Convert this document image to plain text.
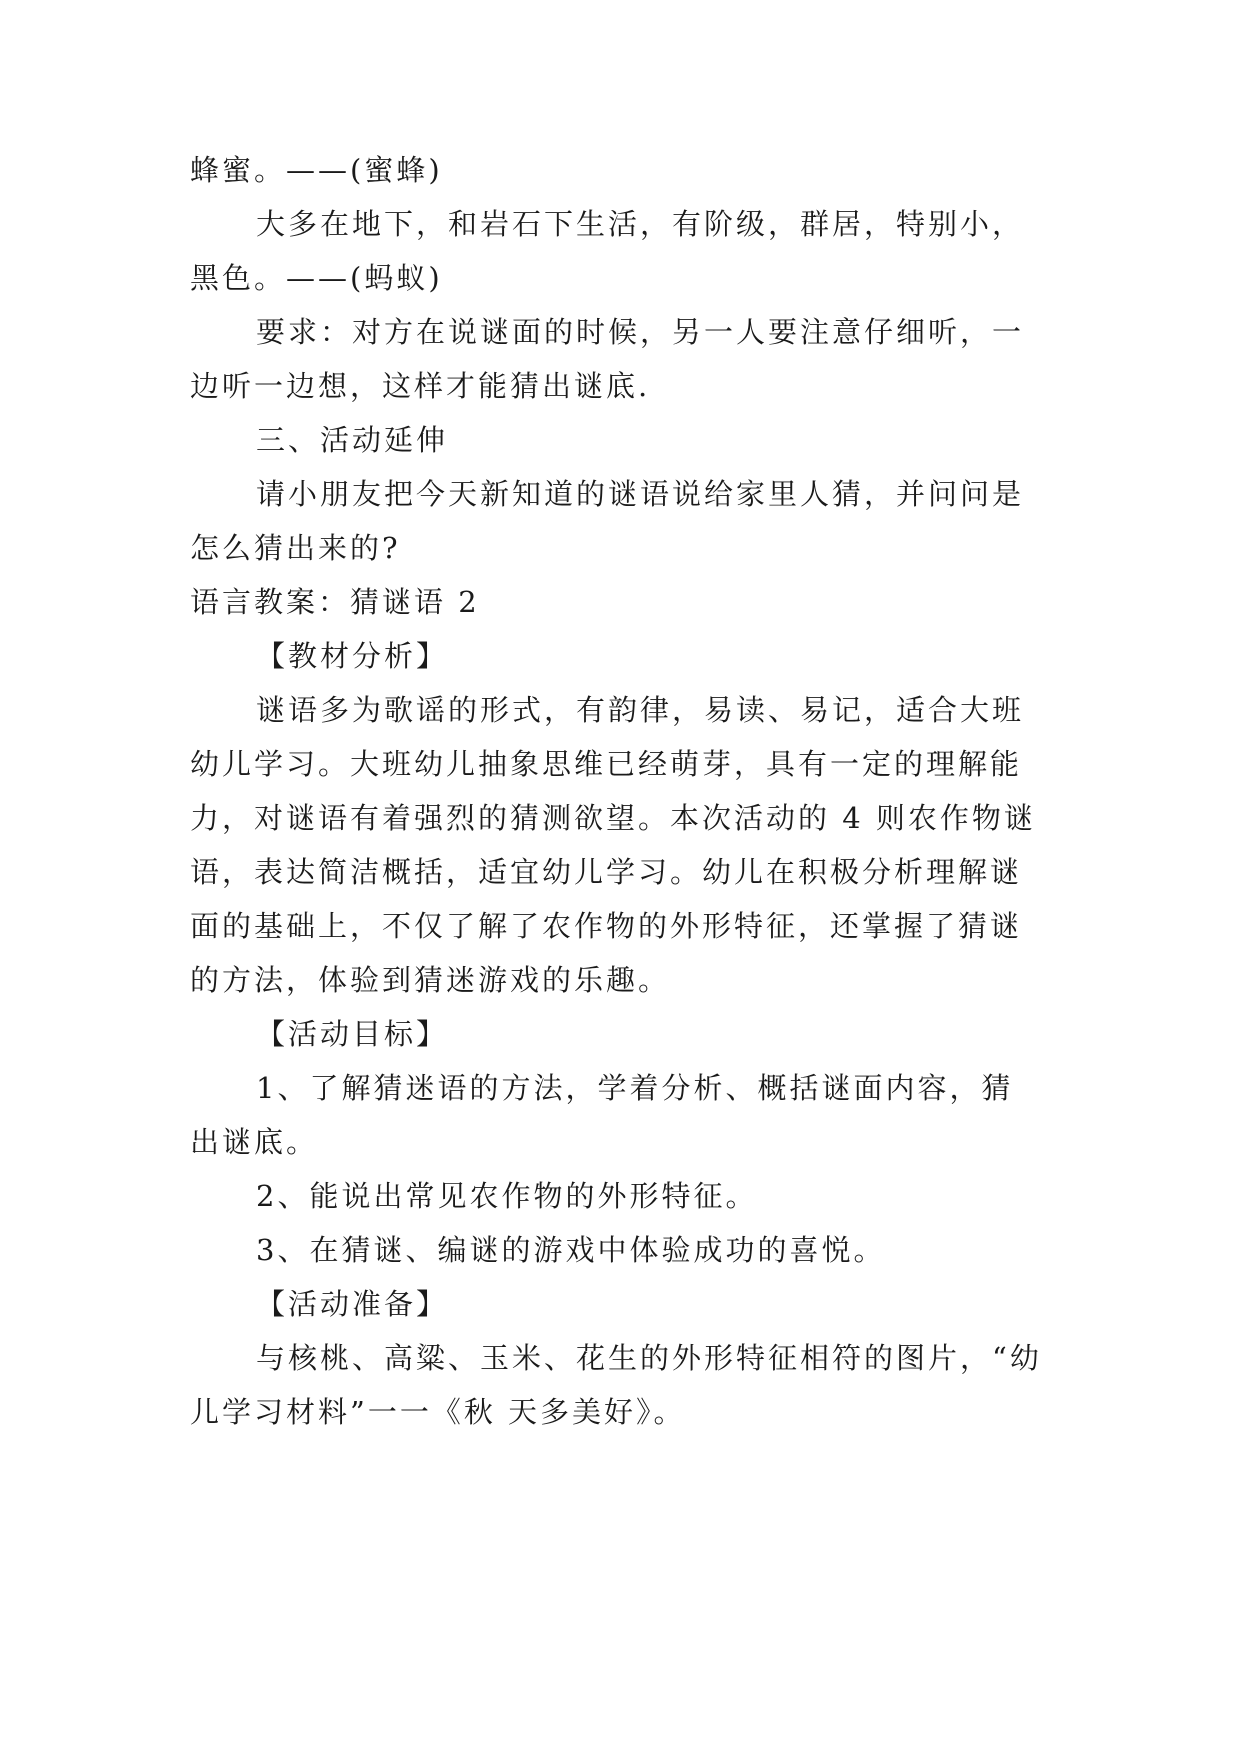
蜂蜜。——(蜜蜂)
大多在地下，和岩石下生活，有阶级，群居，特别小，
黑色。——(蚂蚁)
要求：对方在说谜面的时候，另一人要注意仔细听，一
边听一边想，这样才能猜出谜底.
三、活动延伸
请小朋友把今天新知道的谜语说给家里人猜，并问问是
怎么猜出来的?
语言教案：猜谜语 2
【教材分析】
谜语多为歌谣的形式，有韵律，易读、易记，适合大班
幼儿学习。大班幼儿抽象思维已经萌芽，具有一定的理解能
力，对谜语有着强烈的猜测欲望。本次活动的 4 则农作物谜
语，表达简洁概括，适宜幼儿学习。幼儿在积极分析理解谜
面的基础上，不仅了解了农作物的外形特征，还掌握了猜谜
的方法，体验到猜迷游戏的乐趣。
【活动目标】
1、了解猜迷语的方法，学着分析、概括谜面内容，猜
出谜底。
2、能说出常见农作物的外形特征。
3、在猜谜、编谜的游戏中体验成功的喜悦。
【活动准备】
与核桃、高粱、玉米、花生的外形特征相符的图片，“幼
儿学习材料”一一《秋 天多美好》。
